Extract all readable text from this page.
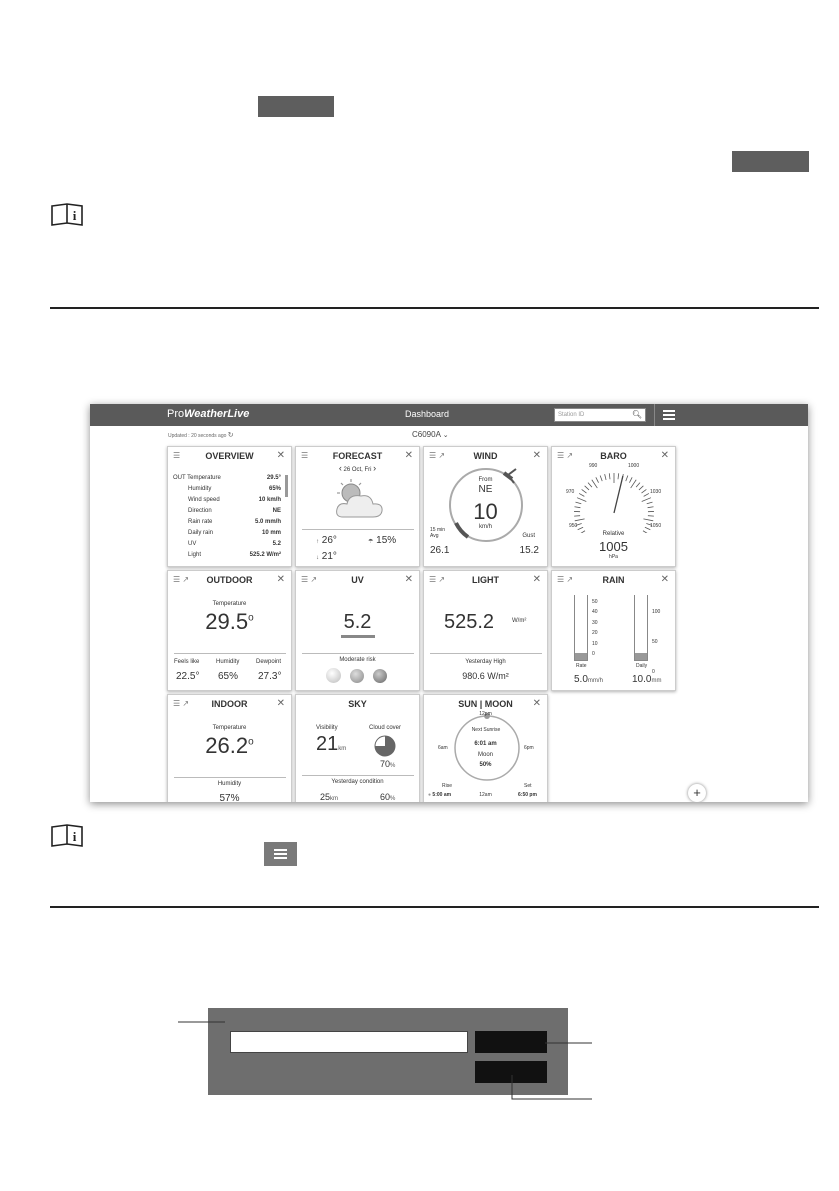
i
ProWeatherLive	Dashboard	Station ID	🔍︎
Updated : 20 seconds ago ↻	C6090A ⌄
☰	OVERVIEW	✕
OUT Temperature	29.5°
Humidity	65%
Wind speed	10 km/h
Direction	NE
Rain rate	5.0 mm/h
Daily rain	10 mm
UV	5.2
Light	525.2 W/m²
☰	FORECAST	✕
‹ 26 Oct, Fri ›
↑ 26°	☂ 15%
↓ 21°
☰ ↗	WIND	✕
From
NE
10
km/h
15 min Avg
26.1
Gust
15.2
☰ ↗	BARO	✕
990	1000
1030
1050
950
970
Relative
1005
hPa
☰ ↗	OUTDOOR	✕
Temperature
29.5$^o$
Feels like
22.5°
Humidity
65%
Dewpoint
27.3°
☰ ↗	UV	✕
5.2
Moderate risk
☰ ↗	LIGHT	✕
525.2	W/m²
Yesterday High
980.6 W/m²
☰ ↗	RAIN	✕
50
40
30
20
10
0
100
50
0
Rate	Daily
5.0mm/h	10.0mm
☰ ↗	INDOOR	✕
Temperature
26.2$^o$
Humidity
57%
SKY
Visibility
21km
Cloud cover
70%
Yesterday condition
25km	60%
SUN | MOON	✕
12pm
6am	6pm
Next Sunrise
6:01 am
Moon
50%
Rise
● 5:00 am	12am
Set
6:50 pm	+
i
